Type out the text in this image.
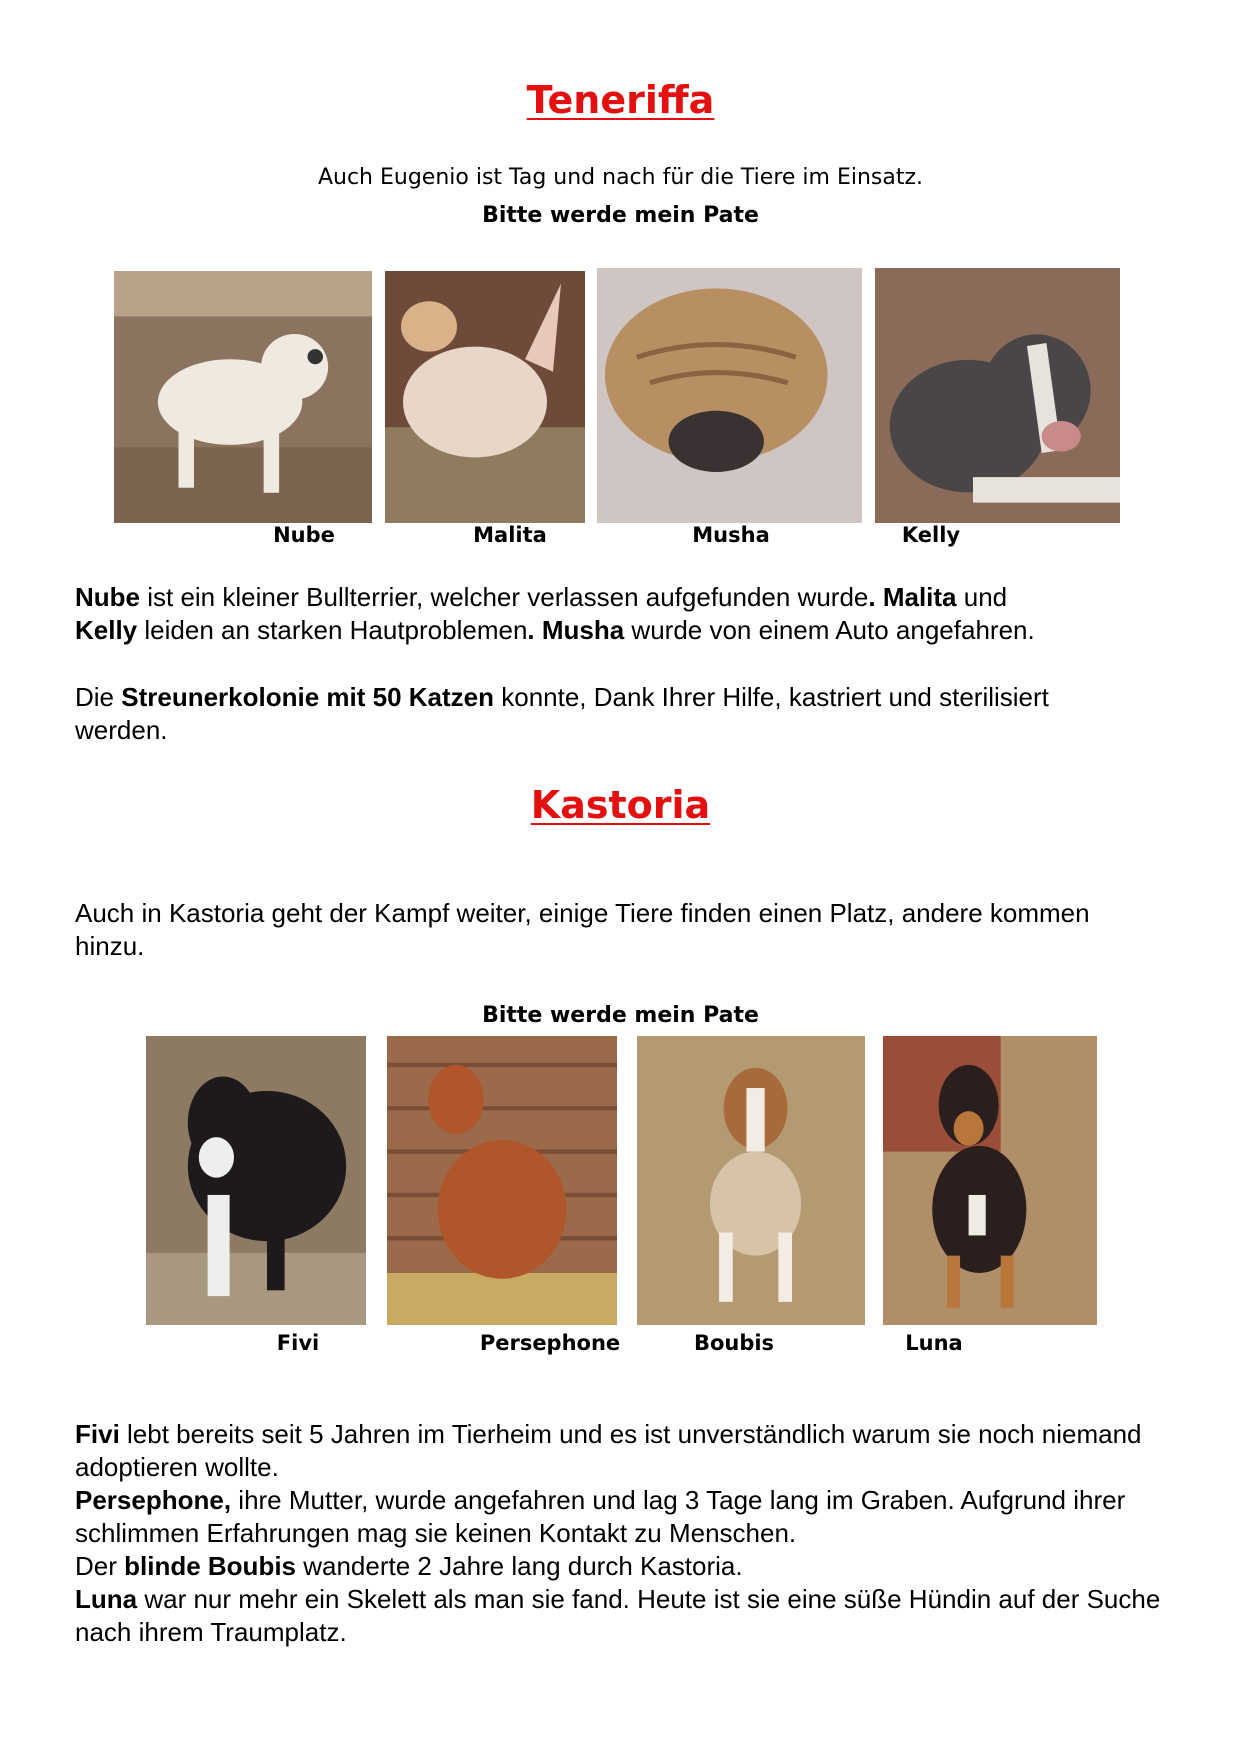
Teneriffa
Auch Eugenio ist Tag und nach für die Tiere im Einsatz.
Bitte werde mein Pate
Nube	Malita	Musha	Kelly

Nube ist ein kleiner Bullterrier, welcher verlassen aufgefunden wurde. Malita und
Kelly leiden an starken Hautproblemen. Musha wurde von einem Auto angefahren.

Die Streunerkolonie mit 50 Katzen konnte, Dank Ihrer Hilfe, kastriert und sterilisiert werden.

Kastoria

Auch in Kastoria geht der Kampf weiter, einige Tiere finden einen Platz, andere kommen hinzu.

Bitte werde mein Pate
Fivi	Persephone	Boubis	Luna
Fivi lebt bereits seit 5 Jahren im Tierheim und es ist unverständlich warum sie noch niemand adoptieren wollte.
Persephone, ihre Mutter, wurde angefahren und lag 3 Tage lang im Graben. Aufgrund ihrer schlimmen Erfahrungen mag sie keinen Kontakt zu Menschen.
Der blinde Boubis wanderte 2 Jahre lang durch Kastoria.
Luna war nur mehr ein Skelett als man sie fand. Heute ist sie eine süße Hündin auf der Suche nach ihrem Traumplatz.
